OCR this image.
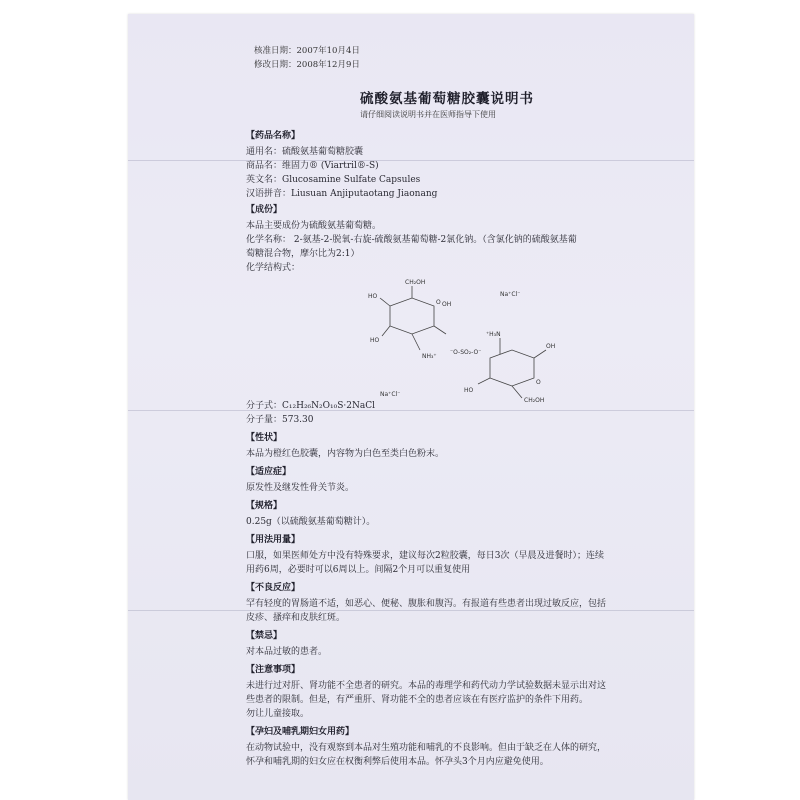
核准日期：2007年10月4日
修改日期：2008年12月9日
硫酸氨基葡萄糖胶囊说明书
请仔细阅读说明书并在医师指导下使用
【药品名称】
通用名：硫酸氨基葡萄糖胶囊
商品名：维固力® (Viartril®-S)
英文名：Glucosamine Sulfate Capsules
汉语拼音：Liusuan Anjiputaotang Jiaonang
【成份】
本品主要成份为硫酸氨基葡萄糖。
化学名称： 2-氨基-2-脱氧-右旋-硫酸氨基葡萄糖-2氯化钠。（含氯化钠的硫酸氨基葡
萄糖混合物，摩尔比为2:1）
化学结构式：
CH₂OH
O OH
HO
NH₃⁺
HO
⁻O-SO₂-O⁻
⁺H₃N
OH
HO
CH₂OH
O
Na⁺Cl⁻
Na⁺Cl⁻
分子式：C₁₂H₂₆N₂O₁₀S·2NaCl
分子量：573.30
【性状】
本品为橙红色胶囊，内容物为白色至类白色粉末。
【适应症】
原发性及继发性骨关节炎。
【规格】
0.25g（以硫酸氨基葡萄糖计）。
【用法用量】
口服，如果医师处方中没有特殊要求，建议每次2粒胶囊，每日3次（早晨及进餐时）；连续
用药6周，必要时可以6周以上。间隔2个月可以重复使用
【不良反应】
罕有轻度的胃肠道不适，如恶心、便秘、腹胀和腹泻。有报道有些患者出现过敏反应，包括
皮疹、搔痒和皮肤红斑。
【禁忌】
对本品过敏的患者。
【注意事项】
未进行过对肝、肾功能不全患者的研究。本品的毒理学和药代动力学试验数据未显示出对这
些患者的限制。但是，有严重肝、肾功能不全的患者应该在有医疗监护的条件下用药。
勿让儿童接取。
【孕妇及哺乳期妇女用药】
在动物试验中，没有观察到本品对生殖功能和哺乳的不良影响。但由于缺乏在人体的研究，
怀孕和哺乳期的妇女应在权衡利弊后使用本品。怀孕头3个月内应避免使用。
